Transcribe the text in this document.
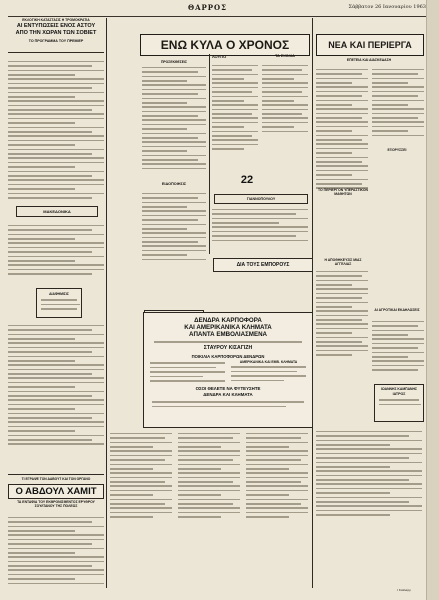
ΘΑΡΡΟΣ	Σάββατον 26 Ιανουαρίου 1963
ΕΚΛΟΓΙΚΗ ΚΑΤΑΣΤΑΣΙΣ Η ΤΡΟΜΟΚΡΑΤΙΑ
ΑΙ ΕΝΤΥΠΩΣΕΙΣ ΕΝΟΣ ΑΣΤΟΥ
ΑΠΟ ΤΗΝ ΧΩΡΑΝ ΤΩΝ ΣΟΒΙΕΤ
ΤΟ ΠΡΟΓΡΑΜΜΑ ΤΟΥ ΠΡΕΜΙΕΡ
ΜΑΚΕΔΟΝΙΚΑ
ΔΙΑΦΗΜΙΣΙΣ
ΤΙ ΕΓΡΑΨΕ ΤΟΝ ΔΑΒΟΥΤ ΚΑΙ ΤΟΝ ΟΡΓΑΝΟ
Ο ΑΒΔΟΥΛ ΧΑΜΙΤ
ΤΑ ΕΝΤΑΦΙΑ ΤΟΥ ΕΚΘΡΟΝΙΣΘΕΝΤΟΣ ΕΡΥΘΡΟΥ ΣΟΥΛΤΑΝΟΥ ΤΗΣ ΠΟΛΕΩΣ
ΕΝΩ ΚΥΛΑ Ο ΧΡΟΝΟΣ
ΠΡΟΣΕΚΘΕΣΕΙΣ
ΕΙΔΟΠΟΙΗΣΙΣ
ΛΟΥΠΟ	ΤΑ ΣΧΟΛΙΑ
22
ΓΙΑΝΝΟΠΟΥΛΟΥ
ΝΕΑ ΚΑΙ ΠΕΡΙΕΡΓΑ
ΕΠΕΤΕΙΑ ΚΑΙ ΔΙΑΣΚΕΔΑΣΗ
ΤΟ ΠΕΡΙΕΡΓΟΝ ΥΠΕΡΑΣΤΙΚΟΝ ΜΑΘΗΤΩΝ
Η ΑΠΟΘΗΚΕΥΣΙΣ ΜΙΑΣ ΑΓΓΕΛΙΑΣ
ΑΙ ΑΓΡΟΤΙΚΑΙ ΕΚΔΗΛΩΣΕΙΣ
ΕΞΟΡΥΣΣΕΙ
ΙΩΑΝΝΗΣ ΚΑΜΠΑΝΗΣ
ΙΑΤΡΟΣ
Ι Καλλιέργ
ΔΙΑ ΤΟΥΣ ΕΜΠΟΡΟΥΣ
ΔΕΝΔΡΑ ΚΑΡΠΟΦΟΡΑ
ΚΑΙ ΑΜΕΡΙΚΑΝΙΚΑ ΚΛΗΜΑΤΑ
ΑΠΑΝΤΑ ΕΜΒΟΛΙΑΣΜΕΝΑ
ΣΤΑΥΡΟΥ ΚΙΣΑΓΙΖΗ
ΠΟΙΚΙΛΙΑ ΚΑΡΠΟΦΟΡΩΝ ΔΕΝΔΡΩΝ
ΑΜΕΡΙΚΑΝΙΚΑ ΚΑΙ ΕΜΒ. ΚΛΗΜΑΤΑ
ΟΣΟΙ ΘΕΛΕΤΕ ΝΑ ΦΥΤΕΥΣΗΤΕ
ΔΕΝΔΡΑ ΚΑΙ ΚΛΗΜΑΤΑ
